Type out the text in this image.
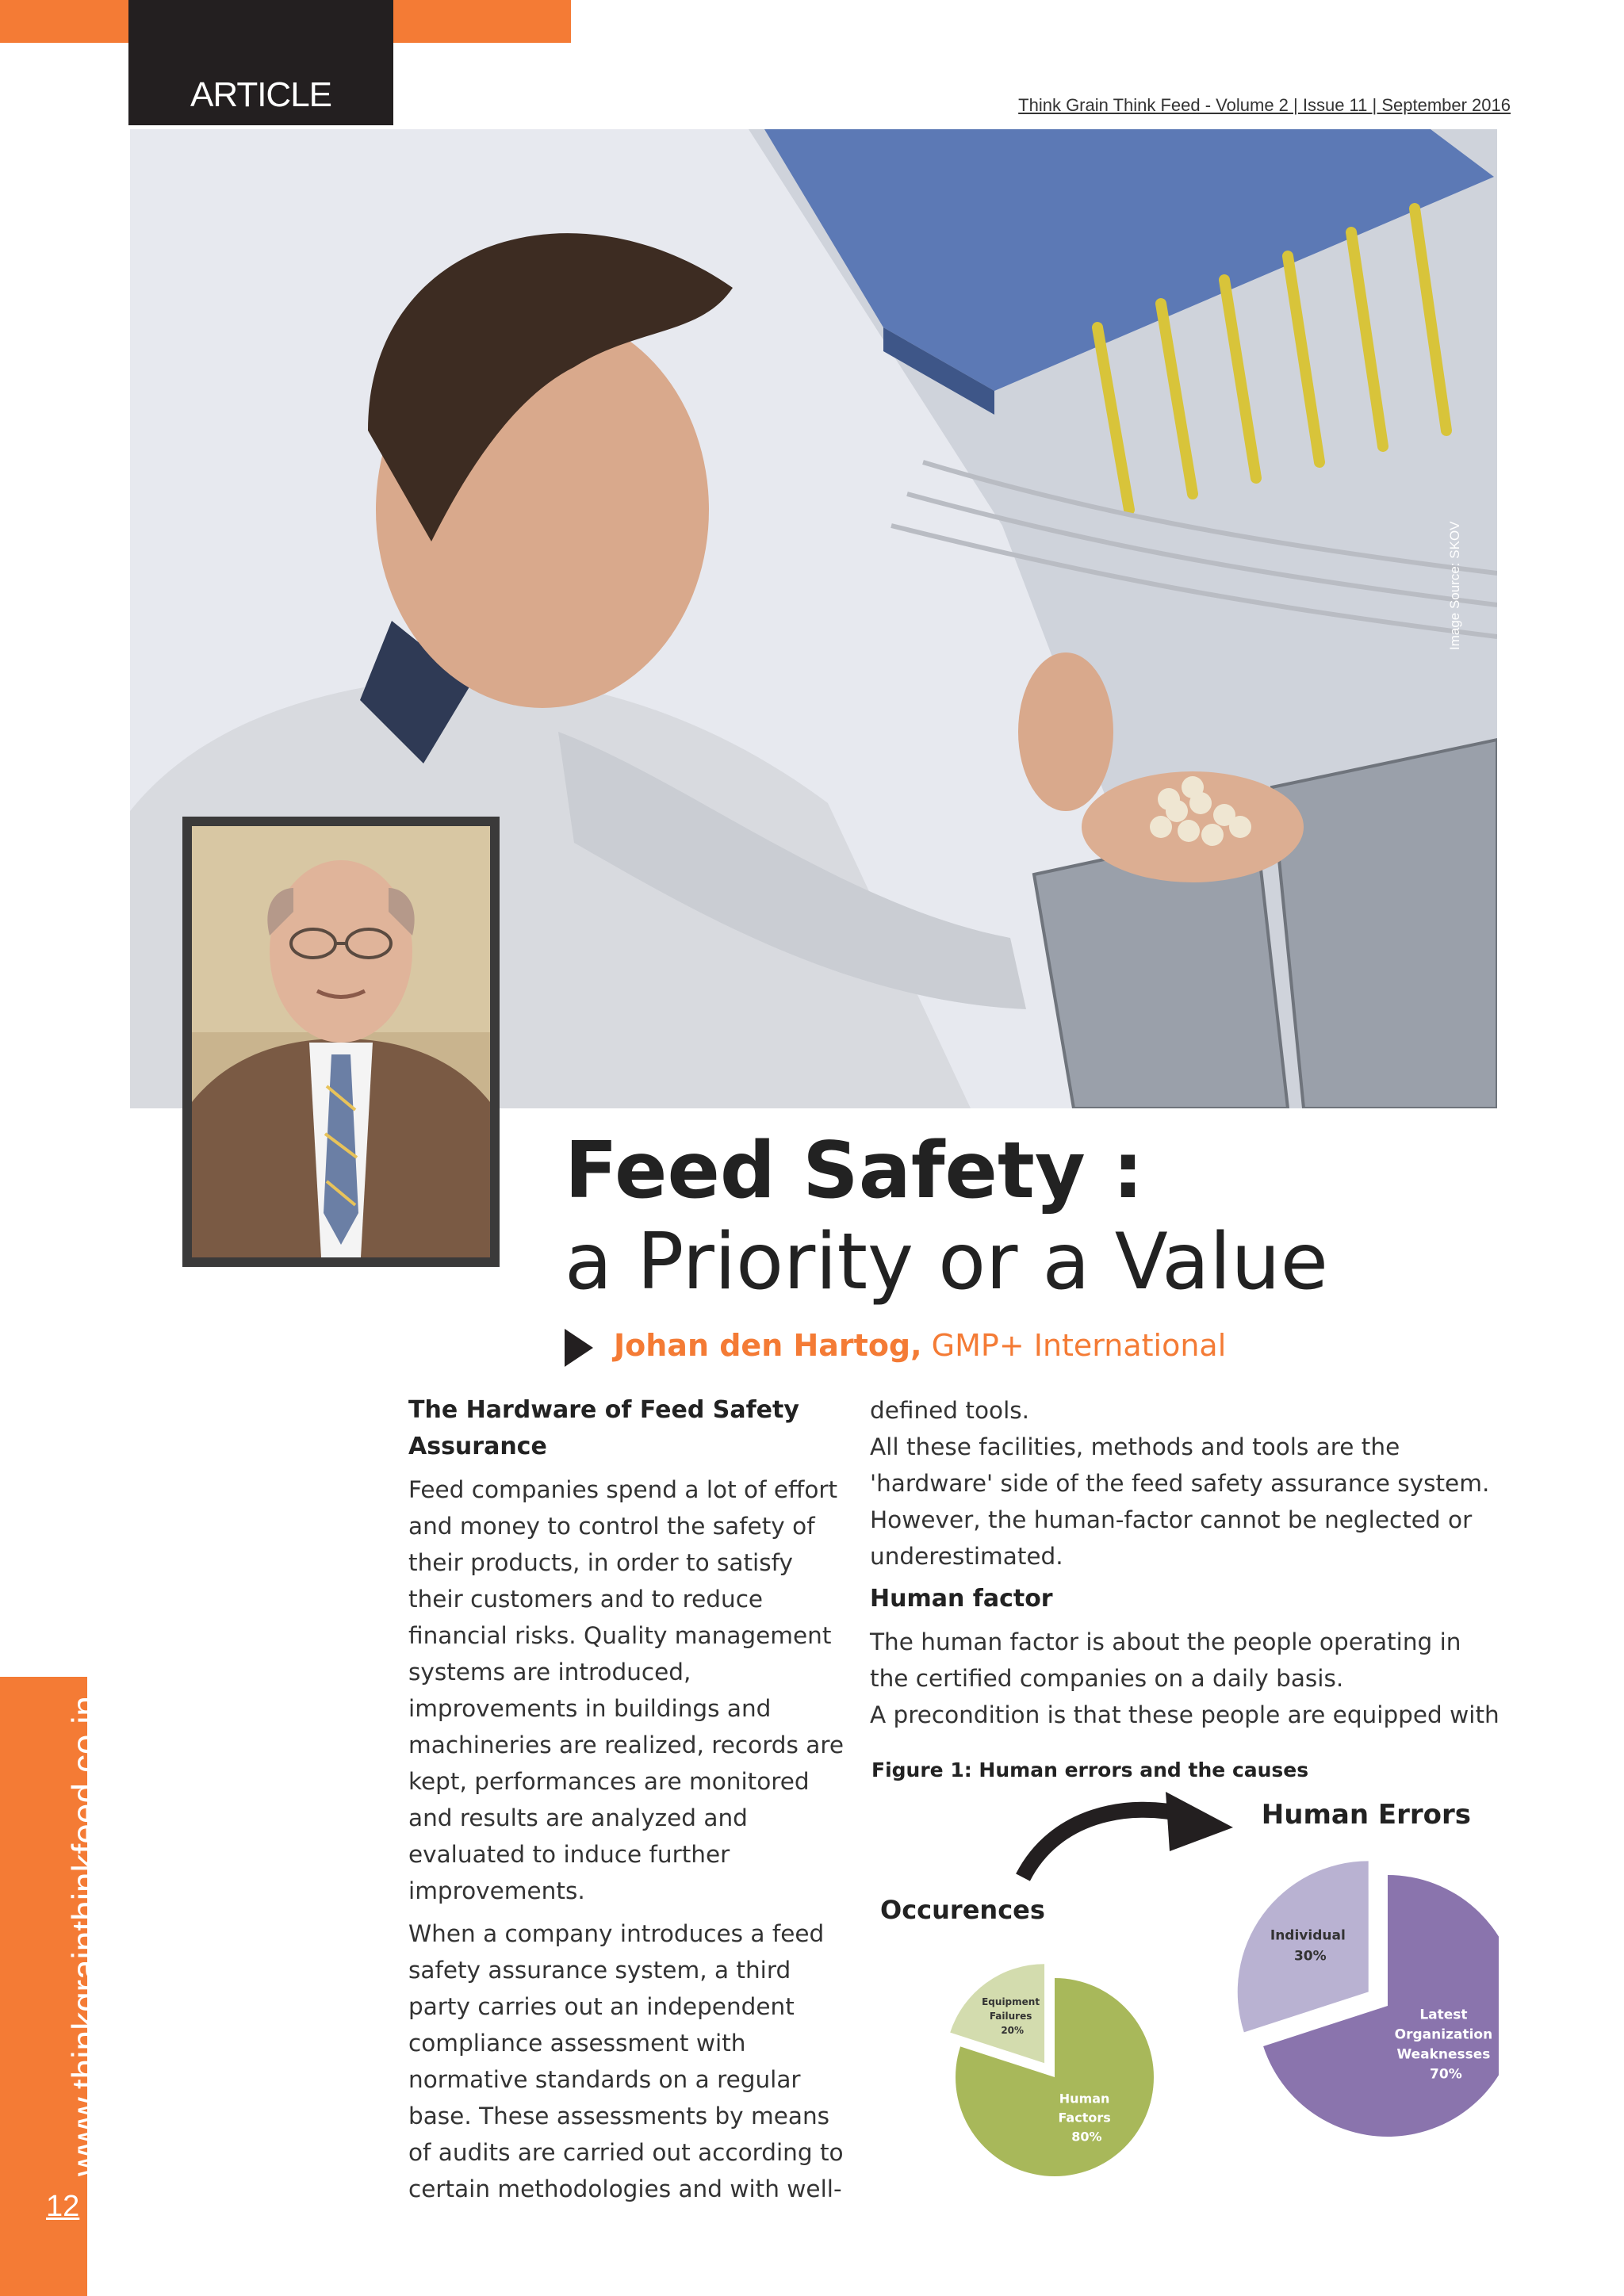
ARTICLE	Think Grain Think Feed - Volume 2 | Issue 11 | September 2016
Image Source: SKOV
Feed Safety :
a Priority or a Value
Johan den Hartog, GMP+ International
The Hardware of Feed Safety Assurance

Feed companies spend a lot of effort and money to control the safety of their products, in order to satisfy their customers and to reduce financial risks. Quality management systems are introduced, improvements in buildings and machineries are realized, records are kept, performances are monitored and results are analyzed and evaluated to induce further improvements.

When a company introduces a feed safety assurance system, a third party carries out an independent compliance assessment with normative standards on a regular base. These assessments by means of audits are carried out according to certain methodologies and with well-

defined tools.

All these facilities, methods and tools are the 'hardware' side of the feed safety assurance system. However, the human-factor cannot be neglected or underestimated.

Human factor

The human factor is about the people operating in the certified companies on a daily basis.

A precondition is that these people are equipped with

Figure 1: Human errors and the causes
Occurences
Human Errors
Human Factors 80%
Equipment Failures 20%
Latest Organization Weaknesses 70%
Individual 30%
www.thinkgrainthinkfeed.co.in
12
